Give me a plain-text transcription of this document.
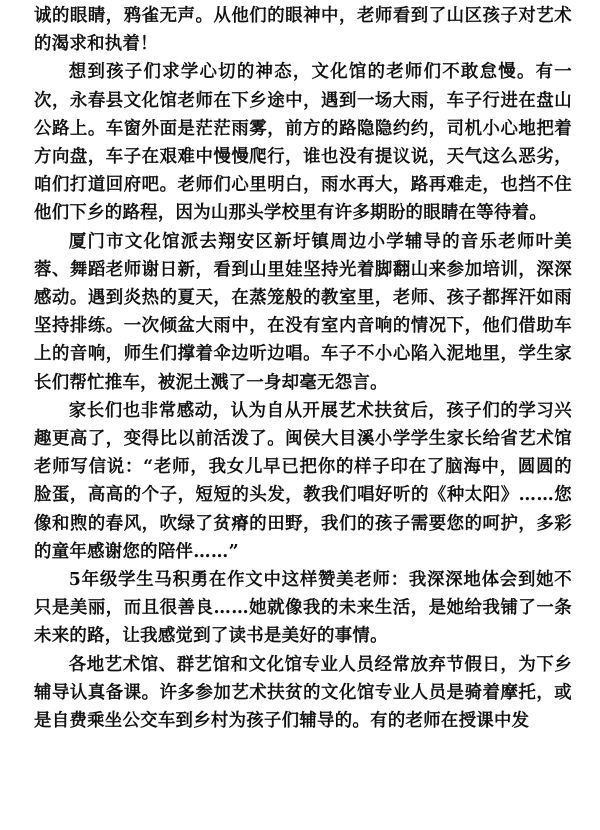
诚的眼睛，鸦雀无声。从他们的眼神中，老师看到了山区孩子对艺术的渴求和执着！

想到孩子们求学心切的神态，文化馆的老师们不敢怠慢。有一次，永春县文化馆老师在下乡途中，遇到一场大雨，车子行进在盘山公路上。车窗外面是茫茫雨雾，前方的路隐隐约约，司机小心地把着方向盘，车子在艰难中慢慢爬行，谁也没有提议说，天气这么恶劣，咱们打道回府吧。老师们心里明白，雨水再大，路再难走，也挡不住他们下乡的路程，因为山那头学校里有许多期盼的眼睛在等待着。

厦门市文化馆派去翔安区新圩镇周边小学辅导的音乐老师叶美蓉、舞蹈老师谢日新，看到山里娃坚持光着脚翻山来参加培训，深深感动。遇到炎热的夏天，在蒸笼般的教室里，老师、孩子都挥汗如雨坚持排练。一次倾盆大雨中，在没有室内音响的情况下，他们借助车上的音响，师生们撑着伞边听边唱。车子不小心陷入泥地里，学生家长们帮忙推车，被泥土溅了一身却毫无怨言。

家长们也非常感动，认为自从开展艺术扶贫后，孩子们的学习兴趣更高了，变得比以前活泼了。闽侯大目溪小学学生家长给省艺术馆老师写信说：“老师，我女儿早已把你的样子印在了脑海中，圆圆的脸蛋，高高的个子，短短的头发，教我们唱好听的《种太阳》……您像和煦的春风，吹绿了贫瘠的田野，我们的孩子需要您的呵护，多彩的童年感谢您的陪伴……”

5年级学生马积勇在作文中这样赞美老师：我深深地体会到她不只是美丽，而且很善良……她就像我的未来生活，是她给我铺了一条未来的路，让我感觉到了读书是美好的事情。

各地艺术馆、群艺馆和文化馆专业人员经常放弃节假日，为下乡辅导认真备课。许多参加艺术扶贫的文化馆专业人员是骑着摩托，或是自费乘坐公交车到乡村为孩子们辅导的。有的老师在授课中发
